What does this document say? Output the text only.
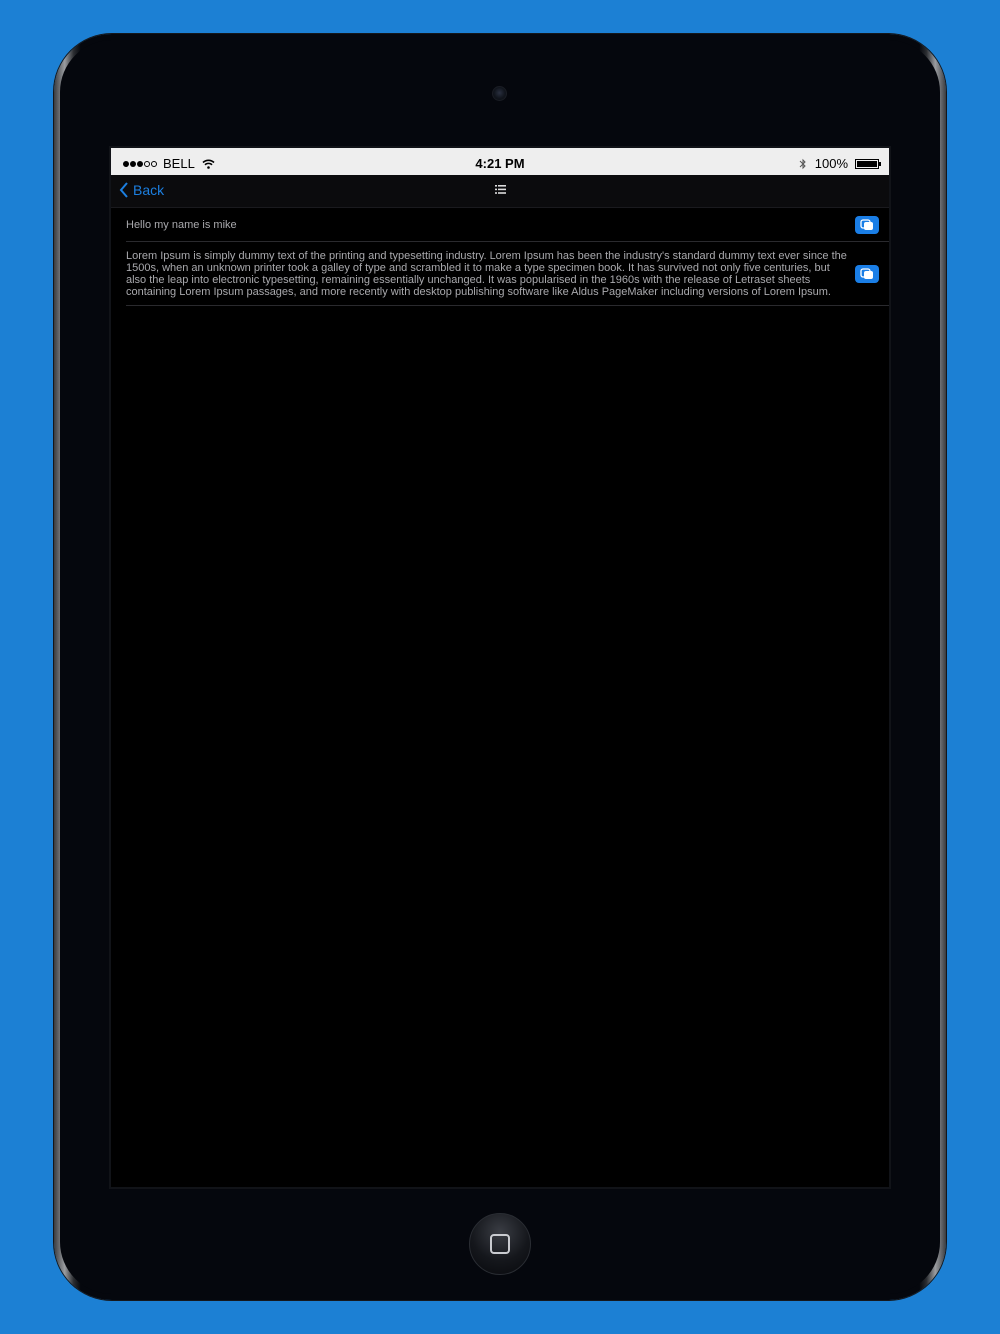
BELL	4:21 PM	100%
Back
Hello my name is mike
Lorem Ipsum is simply dummy text of the printing and typesetting industry. Lorem Ipsum has been the industry's standard dummy text ever since the 1500s, when an unknown printer took a galley of type and scrambled it to make a type specimen book. It has survived not only five centuries, but also the leap into electronic typesetting, remaining essentially unchanged. It was popularised in the 1960s with the release of Letraset sheets containing Lorem Ipsum passages, and more recently with desktop publishing software like Aldus PageMaker including versions of Lorem Ipsum.
